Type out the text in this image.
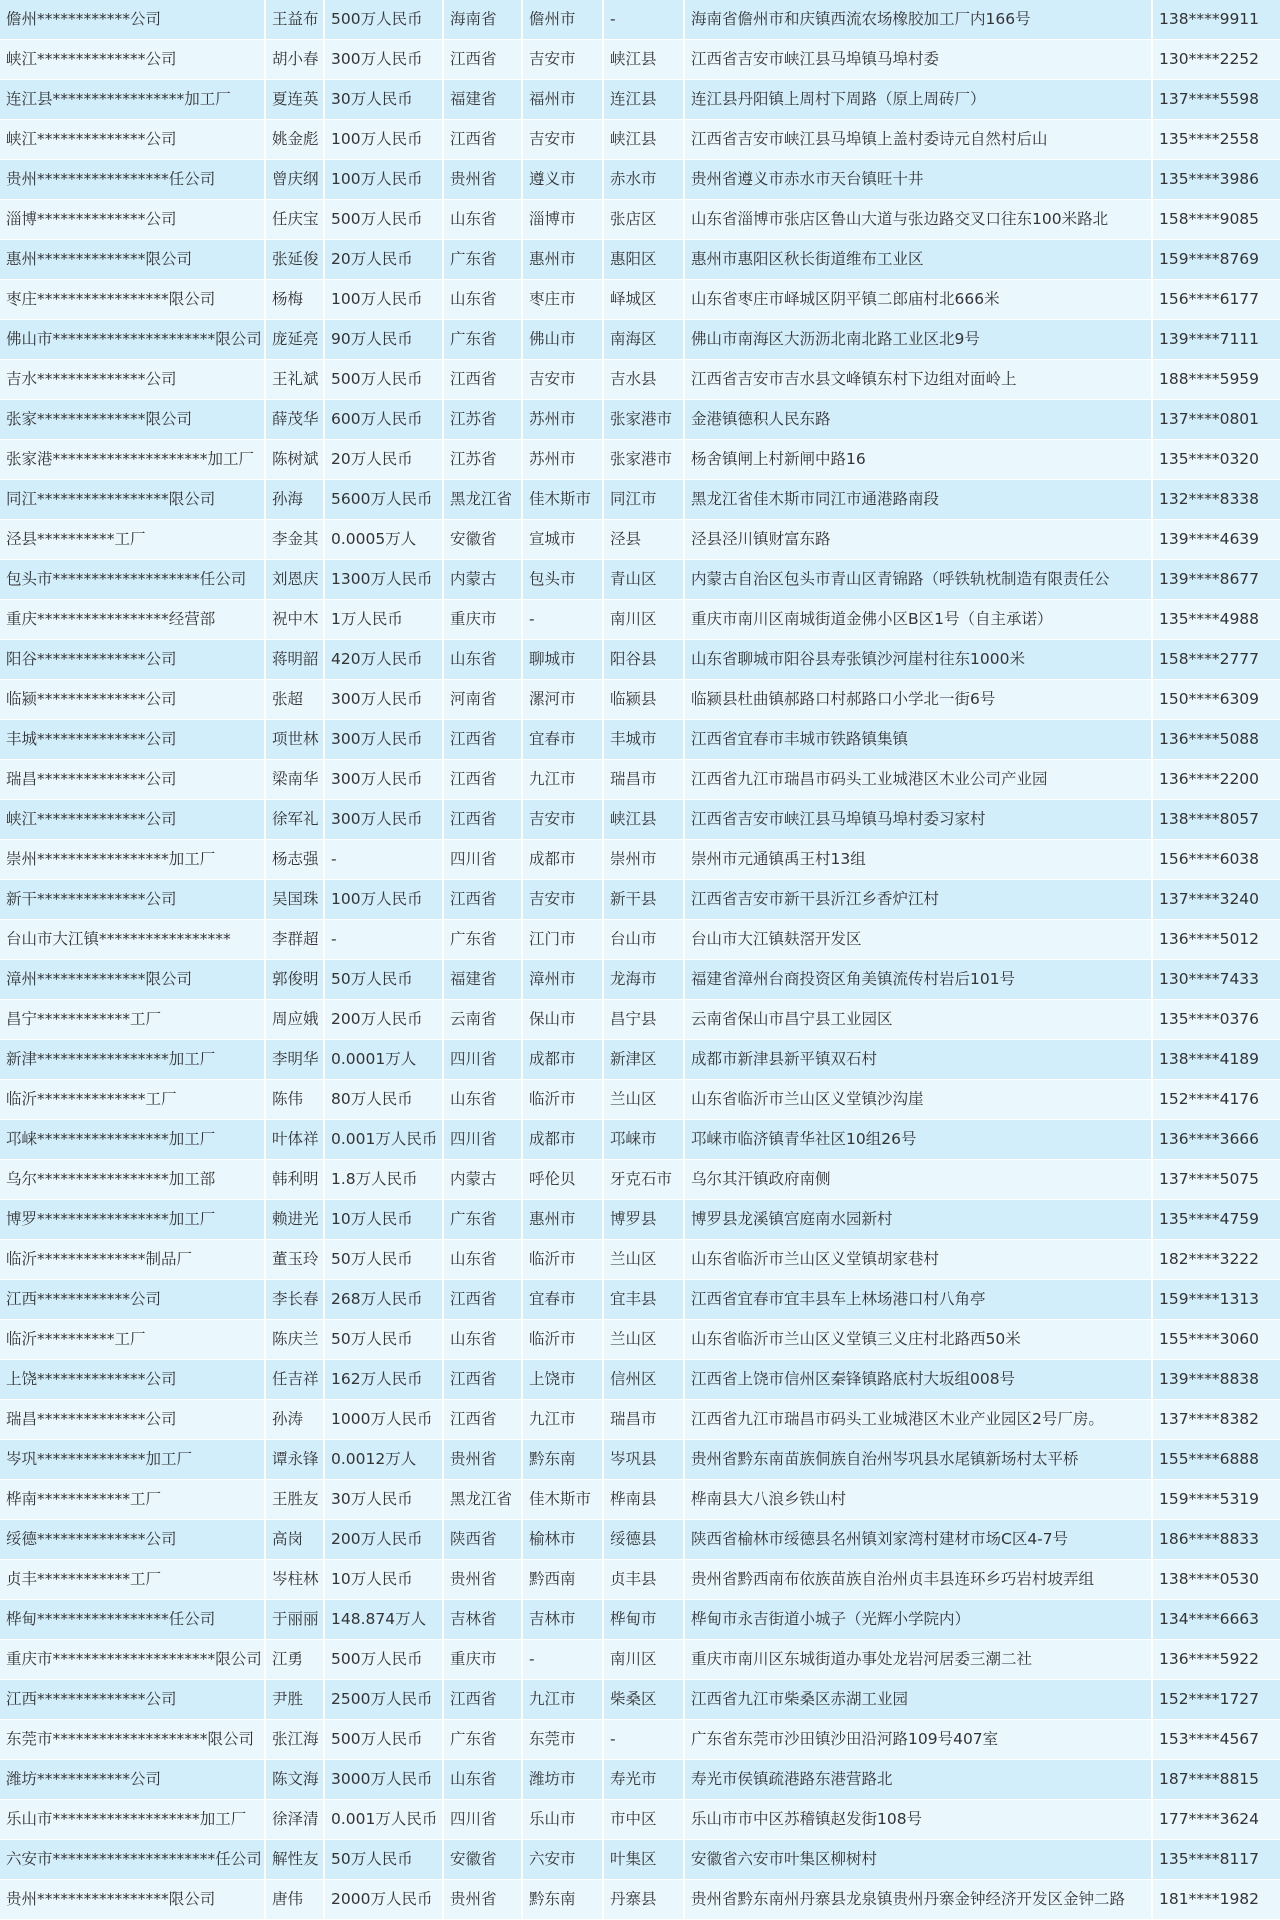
儋州************公司	王益布 500万人民币	海南省	儋州市	-	海南省儋州市和庆镇西流农场橡胶加工厂内166号	138****9911
峡江**************公司	胡小春 300万人民币	江西省	吉安市	峡江县	江西省吉安市峡江县马埠镇马埠村委	130****2252
连江县*****************加工厂	夏连英 30万人民币	福建省	福州市	连江县	连江县丹阳镇上周村下周路（原上周砖厂）	137****5598
峡江**************公司	姚金彪 100万人民币	江西省	吉安市	峡江县	江西省吉安市峡江县马埠镇上盖村委诗元自然村后山	135****2558
贵州*****************任公司	曾庆纲 100万人民币	贵州省	遵义市	赤水市	贵州省遵义市赤水市天台镇旺十井	135****3986
淄博**************公司	任庆宝 500万人民币	山东省	淄博市	张店区	山东省淄博市张店区鲁山大道与张边路交叉口往东100米路北	158****9085
惠州**************限公司	张延俊 20万人民币	广东省	惠州市	惠阳区	惠州市惠阳区秋长街道维布工业区	159****8769
枣庄*****************限公司	杨梅	100万人民币	山东省	枣庄市	峄城区	山东省枣庄市峄城区阴平镇二郎庙村北666米	156****6177
佛山市*********************限公司 庞延亮 90万人民币	广东省	佛山市	南海区	佛山市南海区大沥沥北南北路工业区北9号	139****7111
吉水**************公司	王礼斌 500万人民币	江西省	吉安市	吉水县	江西省吉安市吉水县文峰镇东村下边组对面岭上	188****5959
张家**************限公司	薛茂华 600万人民币	江苏省	苏州市	张家港市	金港镇德积人民东路	137****0801
张家港********************加工厂	陈树斌 20万人民币	江苏省	苏州市	张家港市	杨舍镇闸上村新闸中路16	135****0320
同江*****************限公司	孙海	5600万人民币	黑龙江省	佳木斯市	同江市	黑龙江省佳木斯市同江市通港路南段	132****8338
泾县**********工厂	李金其 0.0005万人	安徽省	宣城市	泾县	泾县泾川镇财富东路	139****4639
包头市*******************任公司	刘恩庆 1300万人民币	内蒙古	包头市	青山区	内蒙古自治区包头市青山区青锦路（呼铁轨枕制造有限责任公	139****8677
重庆*****************经营部	祝中木 1万人民币	重庆市	-	南川区	重庆市南川区南城街道金佛小区B区1号（自主承诺）	135****4988
阳谷**************公司	蒋明韶 420万人民币	山东省	聊城市	阳谷县	山东省聊城市阳谷县寿张镇沙河崖村往东1000米	158****2777
临颍**************公司	张超	300万人民币	河南省	漯河市	临颍县	临颍县杜曲镇郝路口村郝路口小学北一街6号	150****6309
丰城**************公司	项世林 300万人民币	江西省	宜春市	丰城市	江西省宜春市丰城市铁路镇集镇	136****5088
瑞昌**************公司	梁南华 300万人民币	江西省	九江市	瑞昌市	江西省九江市瑞昌市码头工业城港区木业公司产业园	136****2200
峡江**************公司	徐军礼 300万人民币	江西省	吉安市	峡江县	江西省吉安市峡江县马埠镇马埠村委习家村	138****8057
崇州*****************加工厂	杨志强 -	四川省	成都市	崇州市	崇州市元通镇禹王村13组	156****6038
新干**************公司	吴国珠 100万人民币	江西省	吉安市	新干县	江西省吉安市新干县沂江乡香炉江村	137****3240
台山市大江镇*****************	李群超 -	广东省	江门市	台山市	台山市大江镇麸滘开发区	136****5012
漳州**************限公司	郭俊明 50万人民币	福建省	漳州市	龙海市	福建省漳州台商投资区角美镇流传村岩后101号	130****7433
昌宁************工厂	周应娥 200万人民币	云南省	保山市	昌宁县	云南省保山市昌宁县工业园区	135****0376
新津*****************加工厂	李明华 0.0001万人	四川省	成都市	新津区	成都市新津县新平镇双石村	138****4189
临沂**************工厂	陈伟	80万人民币	山东省	临沂市	兰山区	山东省临沂市兰山区义堂镇沙沟崖	152****4176
邛崃*****************加工厂	叶体祥 0.001万人民币 四川省	成都市	邛崃市	邛崃市临济镇青华社区10组26号	136****3666
乌尔*****************加工部	韩利明 1.8万人民币	内蒙古	呼伦贝	牙克石市	乌尔其汗镇政府南侧	137****5075
博罗*****************加工厂	赖进光 10万人民币	广东省	惠州市	博罗县	博罗县龙溪镇宫庭南水园新村	135****4759
临沂**************制品厂	董玉玲 50万人民币	山东省	临沂市	兰山区	山东省临沂市兰山区义堂镇胡家巷村	182****3222
江西************公司	李长春 268万人民币	江西省	宜春市	宜丰县	江西省宜春市宜丰县车上林场港口村八角亭	159****1313
临沂**********工厂	陈庆兰 50万人民币	山东省	临沂市	兰山区	山东省临沂市兰山区义堂镇三义庄村北路西50米	155****3060
上饶**************公司	任吉祥 162万人民币	江西省	上饶市	信州区	江西省上饶市信州区秦锋镇路底村大坂组008号	139****8838
瑞昌**************公司	孙涛	1000万人民币	江西省	九江市	瑞昌市	江西省九江市瑞昌市码头工业城港区木业产业园区2号厂房。	137****8382
岑巩**************加工厂	谭永锋 0.0012万人	贵州省	黔东南	岑巩县	贵州省黔东南苗族侗族自治州岑巩县水尾镇新场村太平桥	155****6888
桦南************工厂	王胜友 30万人民币	黑龙江省	佳木斯市	桦南县	桦南县大八浪乡铁山村	159****5319
绥德**************公司	高岗	200万人民币	陕西省	榆林市	绥德县	陕西省榆林市绥德县名州镇刘家湾村建材市场C区4-7号	186****8833
贞丰************工厂	岑柱林 10万人民币	贵州省	黔西南	贞丰县	贵州省黔西南布依族苗族自治州贞丰县连环乡巧岩村坡弄组	138****0530
桦甸*****************任公司	于丽丽 148.874万人	吉林省	吉林市	桦甸市	桦甸市永吉街道小城子（光辉小学院内）	134****6663
重庆市*********************限公司 江勇	500万人民币	重庆市	-	南川区	重庆市南川区东城街道办事处龙岩河居委三潮二社	136****5922
江西**************公司	尹胜	2500万人民币	江西省	九江市	柴桑区	江西省九江市柴桑区赤湖工业园	152****1727
东莞市********************限公司	张江海 500万人民币	广东省	东莞市	-	广东省东莞市沙田镇沙田沿河路109号407室	153****4567
潍坊************公司	陈文海 3000万人民币	山东省	潍坊市	寿光市	寿光市侯镇疏港路东港营路北	187****8815
乐山市*******************加工厂	徐泽清 0.001万人民币 四川省	乐山市	市中区	乐山市市中区苏稽镇赵发街108号	177****3624
六安市*********************任公司 解性友 50万人民币	安徽省	六安市	叶集区	安徽省六安市叶集区柳树村	135****8117
贵州*****************限公司	唐伟	2000万人民币	贵州省	黔东南	丹寨县	贵州省黔东南州丹寨县龙泉镇贵州丹寨金钟经济开发区金钟二路	181****1982
